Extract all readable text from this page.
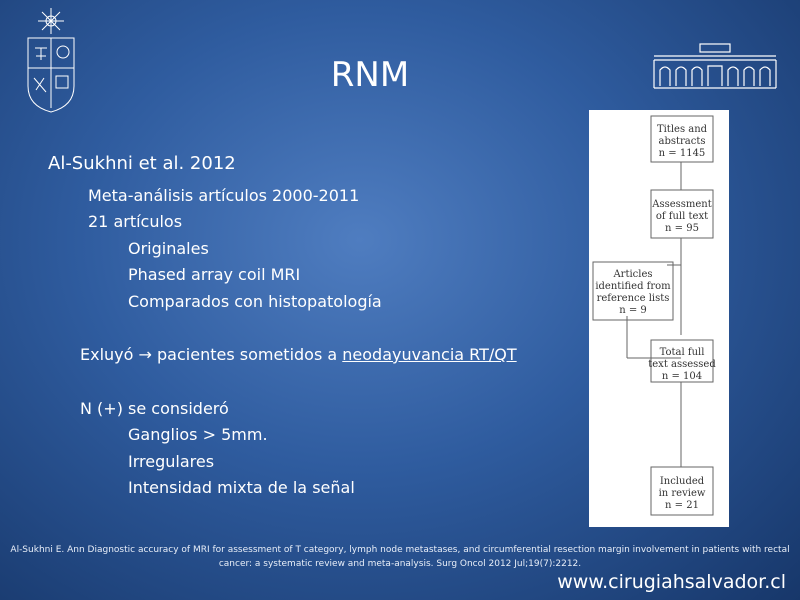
RNM
Al-Sukhni et al. 2012
Meta-análisis artículos 2000-2011
21 artículos
Originales
Phased array coil MRI
Comparados con histopatología
Exluyó → pacientes sometidos a neodayuvancia RT/QT
N (+) se consideró
Ganglios > 5mm.
Irregulares
Intensidad mixta de la señal
Titles and
abstracts
n = 1145
Assessment
of full text
n = 95
Articles
identified from
reference lists
n = 9
Total full
text assessed
n = 104
Included
in review
n = 21
Al-Sukhni E. Ann Diagnostic accuracy of MRI for assessment of T category, lymph node metastases, and circumferential resection margin involvement in patients with rectal
cancer: a systematic review and meta-analysis. Surg Oncol 2012 Jul;19(7):2212.
www.cirugiahsalvador.cl
